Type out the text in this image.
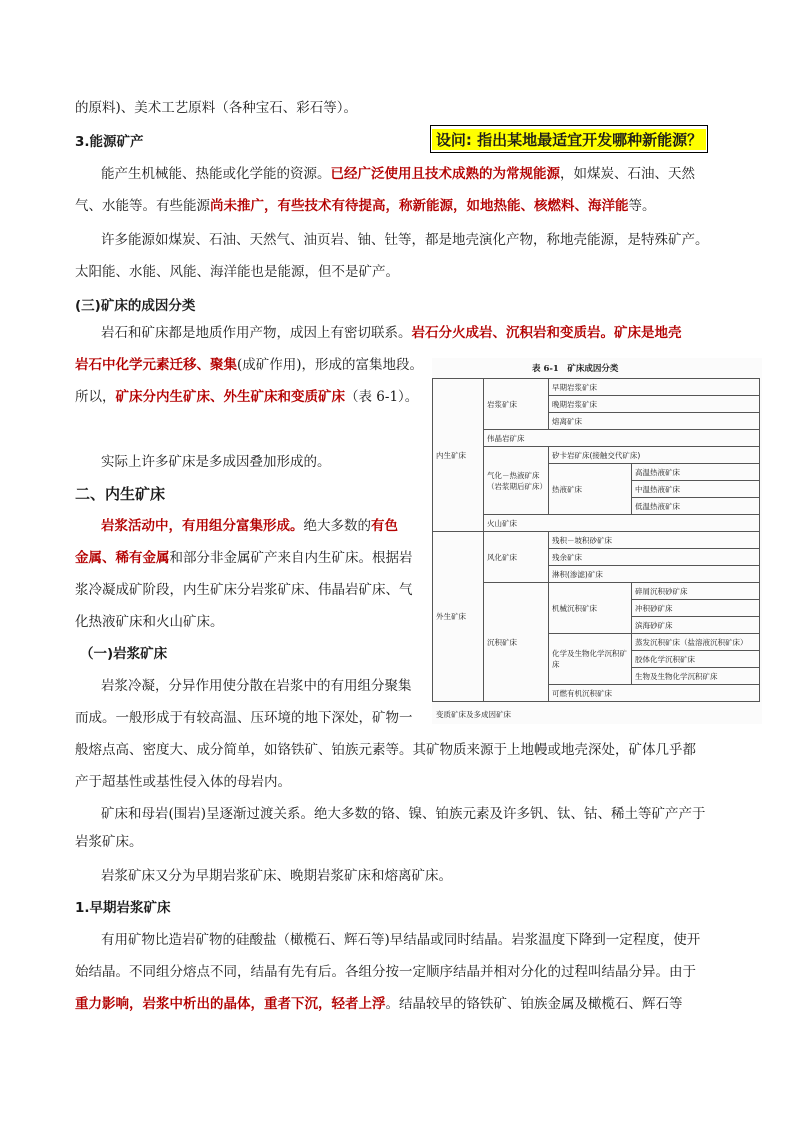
设问: 指出某地最适宜开发哪种新能源？
的原料)、美术工艺原料（各种宝石、彩石等）。
3.能源矿产
能产生机械能、热能或化学能的资源。已经广泛使用且技术成熟的为常规能源，如煤炭、石油、天然
气、水能等。有些能源尚未推广，有些技术有待提高，称新能源，如地热能、核燃料、海洋能等。
许多能源如煤炭、石油、天然气、油页岩、铀、钍等，都是地壳演化产物，称地壳能源，是特殊矿产。
太阳能、水能、风能、海洋能也是能源，但不是矿产。
(三)矿床的成因分类
岩石和矿床都是地质作用产物，成因上有密切联系。岩石分火成岩、沉积岩和变质岩。矿床是地壳
岩石中化学元素迁移、聚集(成矿作用)，形成的富集地段。
所以，矿床分内生矿床、外生矿床和变质矿床（表 6-1）。
实际上许多矿床是多成因叠加形成的。
二、内生矿床
岩浆活动中，有用组分富集形成。绝大多数的有色
金属、稀有金属和部分非金属矿产来自内生矿床。根据岩
浆冷凝成矿阶段，内生矿床分岩浆矿床、伟晶岩矿床、气
化热液矿床和火山矿床。
（一)岩浆矿床
岩浆冷凝，分异作用使分散在岩浆中的有用组分聚集
而成。一般形成于有较高温、压环境的地下深处，矿物一
般熔点高、密度大、成分简单，如铬铁矿、铂族元素等。其矿物质来源于上地幔或地壳深处，矿体几乎都
产于超基性或基性侵入体的母岩内。
矿床和母岩(围岩)呈逐渐过渡关系。绝大多数的铬、镍、铂族元素及许多钒、钛、钴、稀土等矿产产于
岩浆矿床。
岩浆矿床又分为早期岩浆矿床、晚期岩浆矿床和熔离矿床。
1.早期岩浆矿床
有用矿物比造岩矿物的硅酸盐（橄榄石、辉石等)早结晶或同时结晶。岩浆温度下降到一定程度，使开
始结晶。不同组分熔点不同，结晶有先有后。各组分按一定顺序结晶并相对分化的过程叫结晶分异。由于
重力影响，岩浆中析出的晶体，重者下沉，轻者上浮。结晶较早的铬铁矿、铂族金属及橄榄石、辉石等
表 6-1　矿床成因分类
内生矿床	岩浆矿床	早期岩浆矿床	
		晚期岩浆矿床	
		熔离矿床	
	伟晶岩矿床		
	气化－热液矿床（岩浆期后矿床）	矽卡岩矿床(接触交代矿床)	
		热液矿床	高温热液矿床
			中温热液矿床
			低温热液矿床
	火山矿床		
外生矿床	风化矿床	残积－坡积砂矿床	
		残余矿床	
		淋积(渗滤)矿床	
	沉积矿床	机械沉积矿床	碎屑沉积砂矿床
			冲积砂矿床
			滨海砂矿床
		化学及生物化学沉积矿床	蒸发沉积矿床（盐溶液沉积矿床）
			胶体化学沉积矿床
			生物及生物化学沉积矿床
		可燃有机沉积矿床	
变质矿床及多成因矿床
